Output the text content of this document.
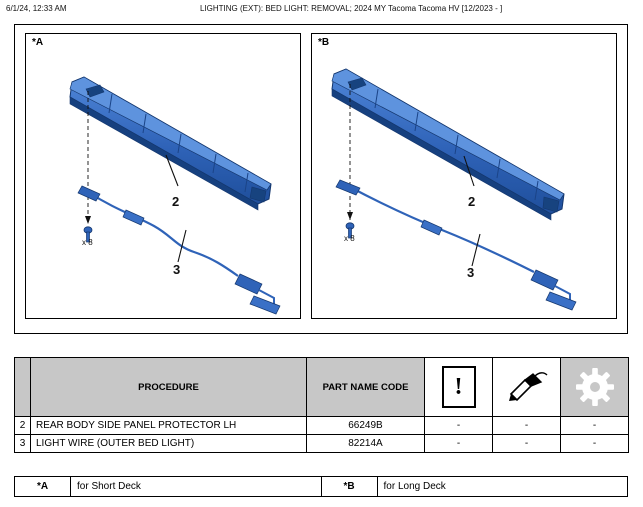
6/1/24, 12:33 AM	LIGHTING (EXT): BED LIGHT: REMOVAL; 2024 MY Tacoma Tacoma HV [12/2023 - ]
*A
2
3
x 8
*B
2
3
x 8
	PROCEDURE	PART NAME CODE	!

2	REAR BODY SIDE PANEL PROTECTOR LH	66249B	-	-	-
3	LIGHT WIRE (OUTER BED LIGHT)	82214A	-	-	-
*A	for Short Deck	*B	for Long Deck
